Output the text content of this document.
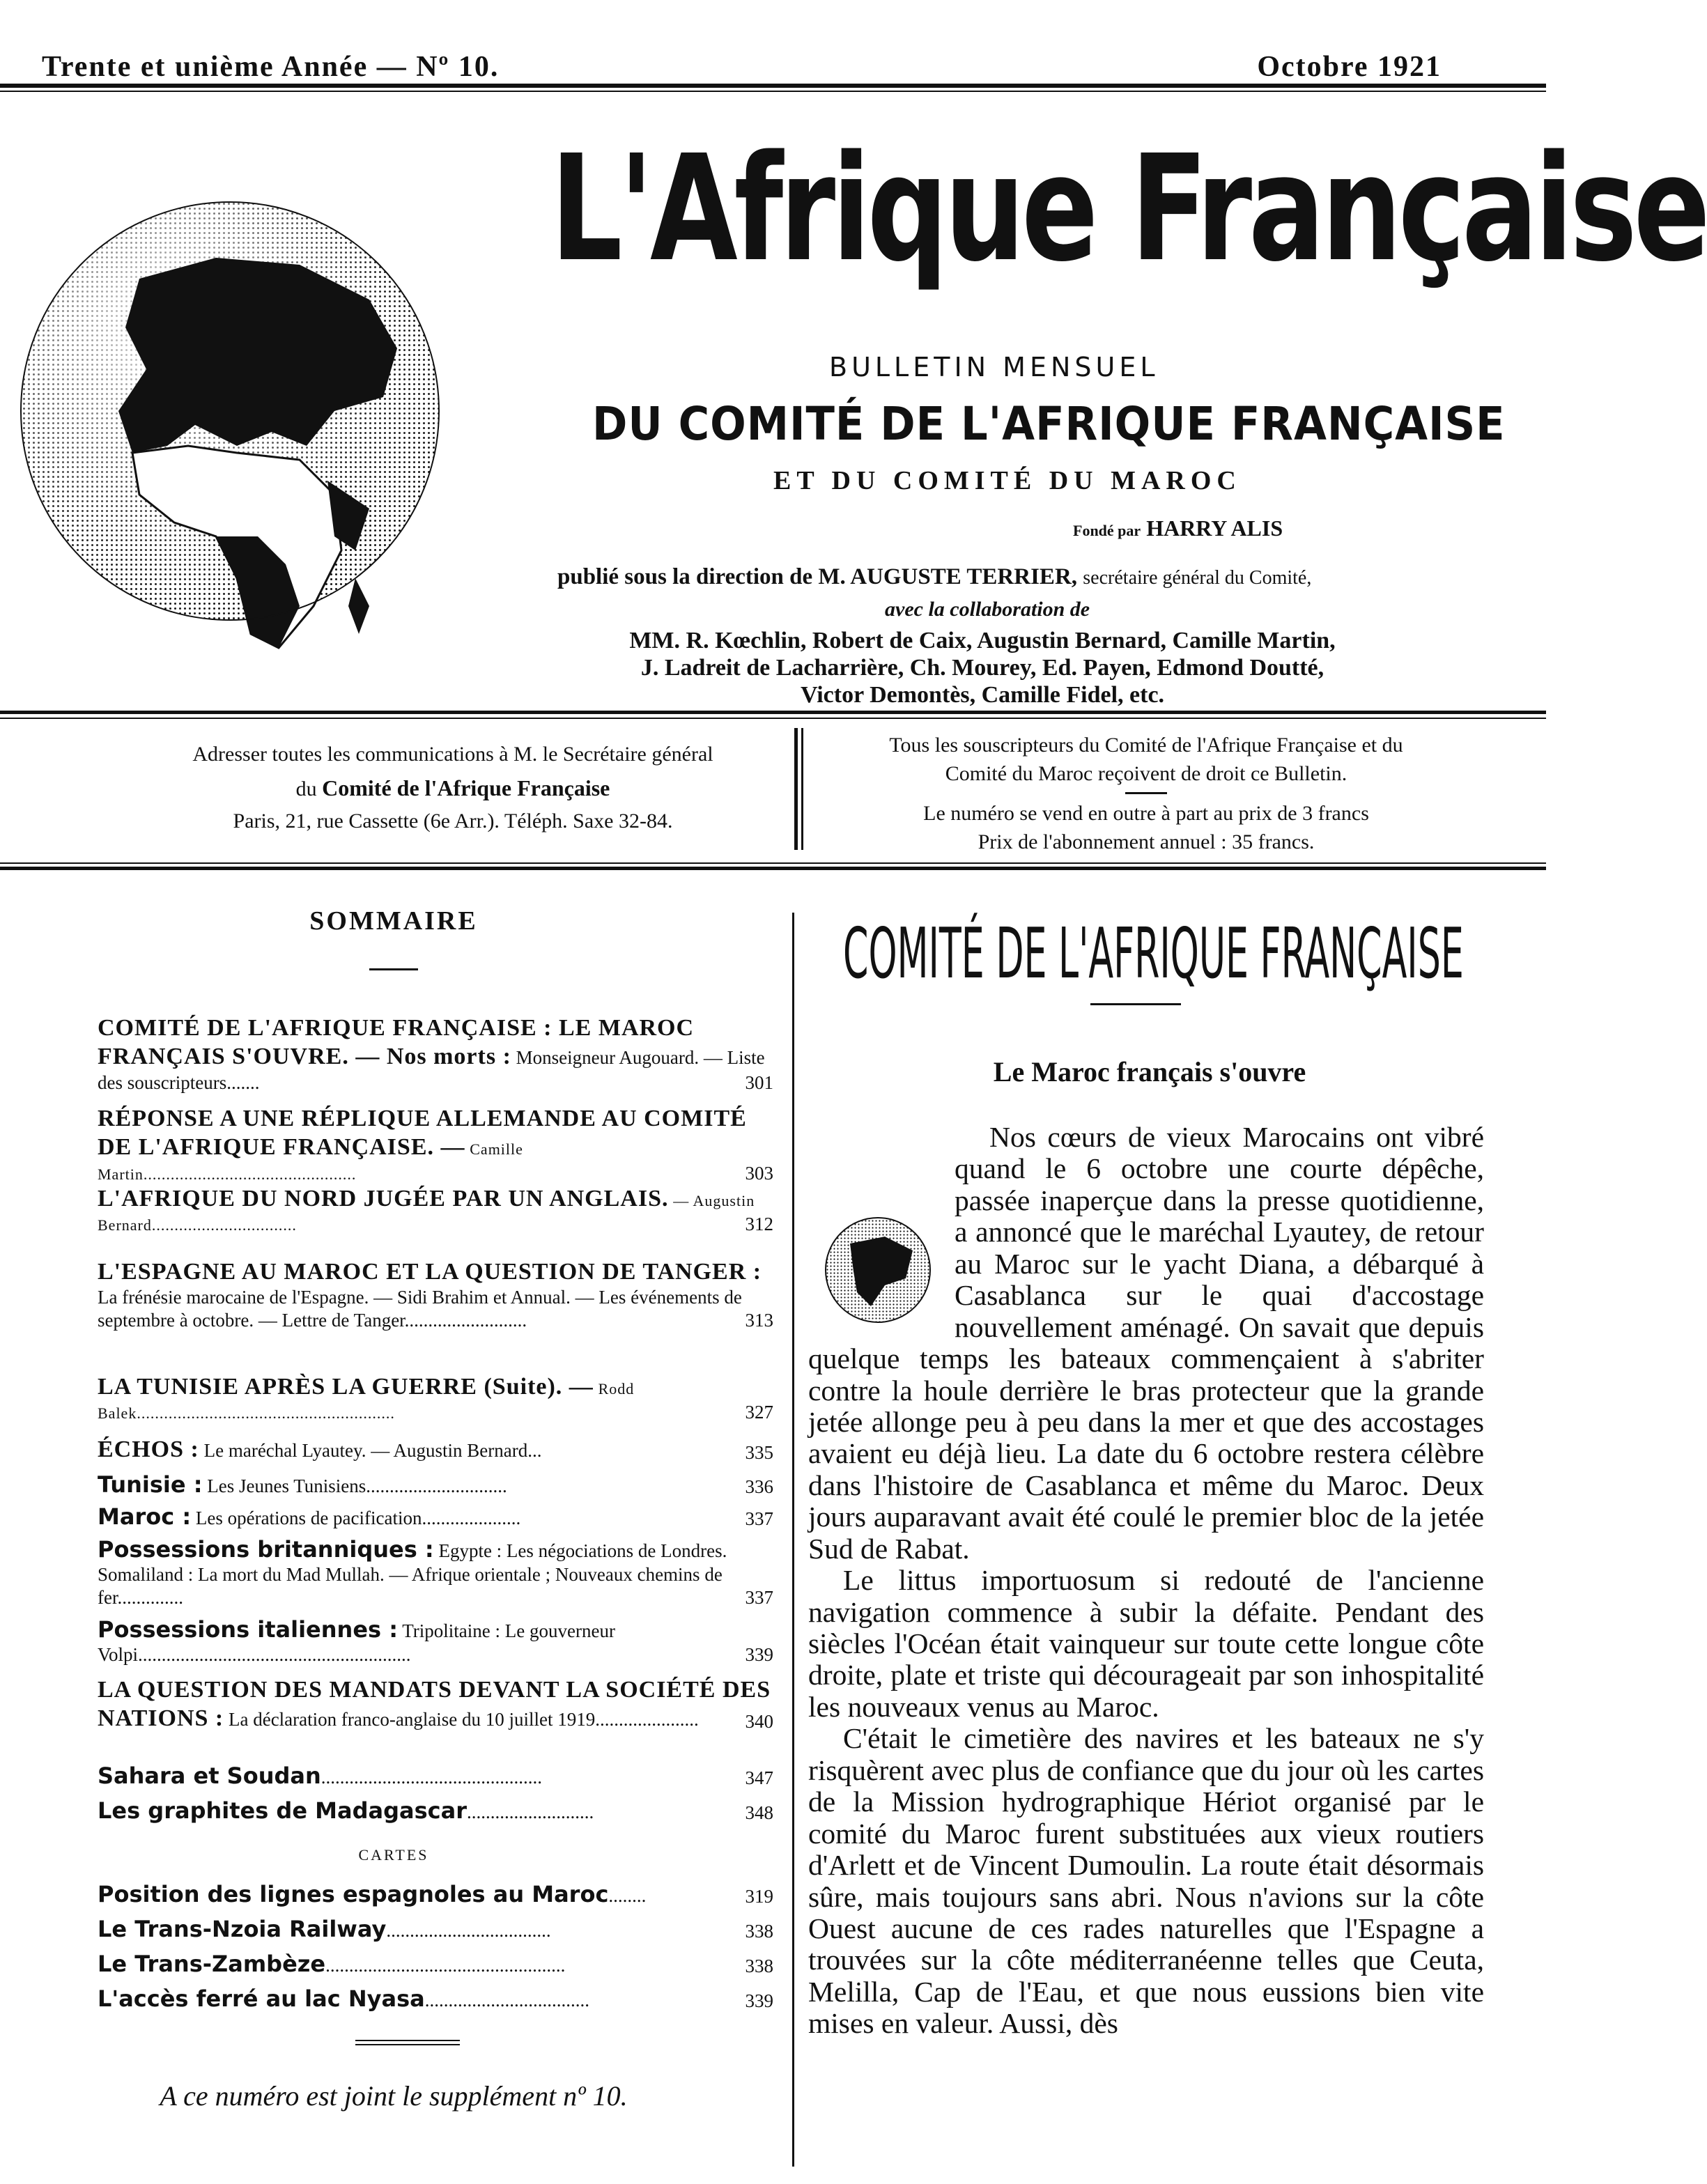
Trente et unième Année — Nº 10.	Octobre 1921
L'Afrique Française
BULLETIN MENSUEL
DU COMITÉ DE L'AFRIQUE FRANÇAISE
ET DU COMITÉ DU MAROC
Fondé par HARRY ALIS
publié sous la direction de M. AUGUSTE TERRIER, secrétaire général du Comité,
avec la collaboration de
MM. R. Kœchlin, Robert de Caix, Augustin Bernard, Camille Martin,
J. Ladreit de Lacharrière, Ch. Mourey, Ed. Payen, Edmond Doutté,
Victor Demontès, Camille Fidel, etc.
Adresser toutes les communications à M. le Secrétaire général
du Comité de l'Afrique Française
Paris, 21, rue Cassette (6e Arr.). Téléph. Saxe 32-84.
Tous les souscripteurs du Comité de l'Afrique Française et du
Comité du Maroc reçoivent de droit ce Bulletin.
Le numéro se vend en outre à part au prix de 3 francs
Prix de l'abonnement annuel : 35 francs.
SOMMAIRE
COMITÉ DE L'AFRIQUE FRANÇAISE : LE MAROC FRANÇAIS S'OUVRE. — Nos morts : Monseigneur Augouard. — Liste des souscripteurs.......	301
RÉPONSE A UNE RÉPLIQUE ALLEMANDE AU COMITÉ DE L'AFRIQUE FRANÇAISE. — Camille Martin...............................................	303
L'AFRIQUE DU NORD JUGÉE PAR UN ANGLAIS. — Augustin Bernard................................	312
L'ESPAGNE AU MAROC ET LA QUESTION DE TANGER : La frénésie marocaine de l'Espagne. — Sidi Brahim et Annual. — Les événements de septembre à octobre. — Lettre de Tanger..........................	313
LA TUNISIE APRÈS LA GUERRE (Suite). — Rodd Balek.........................................................	327
ÉCHOS : Le maréchal Lyautey. — Augustin Bernard...	335
Tunisie : Les Jeunes Tunisiens..............................	336
Maroc : Les opérations de pacification.....................	337
Possessions britanniques : Egypte : Les négociations de Londres. Somaliland : La mort du Mad Mullah. — Afrique orientale ; Nouveaux chemins de fer..............	337
Possessions italiennes : Tripolitaine : Le gouverneur Volpi..........................................................	339
LA QUESTION DES MANDATS DEVANT LA SOCIÉTÉ DES NATIONS : La déclaration franco-anglaise du 10 juillet 1919...................... 340
Sahara et Soudan...............................................	347
Les graphites de Madagascar...........................	348
CARTES
Position des lignes espagnoles au Maroc........	319
Le Trans-Nzoia Railway...................................	338
Le Trans-Zambèze...................................................	338
L'accès ferré au lac Nyasa...................................	339
A ce numéro est joint le supplément nº 10.
COMITÉ DE L'AFRIQUE FRANÇAISE
Le Maroc français s'ouvre

Nos cœurs de vieux Marocains ont vibré quand le 6 octobre une courte dépêche, passée inaperçue dans la presse quotidienne, a annoncé que le maréchal Lyautey, de retour au Maroc sur le yacht Diana, a débarqué à Casablanca sur le quai d'accostage nouvellement aménagé. On savait que depuis quelque temps les bateaux commençaient à s'abriter contre la houle derrière le bras protecteur que la grande jetée allonge peu à peu dans la mer et que des accostages avaient eu déjà lieu. La date du 6 octobre restera célèbre dans l'histoire de Casablanca et même du Maroc. Deux jours auparavant avait été coulé le premier bloc de la jetée Sud de Rabat.

Le littus importuosum si redouté de l'ancienne navigation commence à subir la défaite. Pendant des siècles l'Océan était vainqueur sur toute cette longue côte droite, plate et triste qui décourageait par son inhospitalité les nouveaux venus au Maroc.

C'était le cimetière des navires et les bateaux ne s'y risquèrent avec plus de confiance que du jour où les cartes de la Mission hydrographique Hériot organisé par le comité du Maroc furent substituées aux vieux routiers d'Arlett et de Vincent Dumoulin. La route était désormais sûre, mais toujours sans abri. Nous n'avions sur la côte Ouest aucune de ces rades naturelles que l'Espagne a trouvées sur la côte méditerranéenne telles que Ceuta, Melilla, Cap de l'Eau, et que nous eussions bien vite mises en valeur. Aussi, dès
